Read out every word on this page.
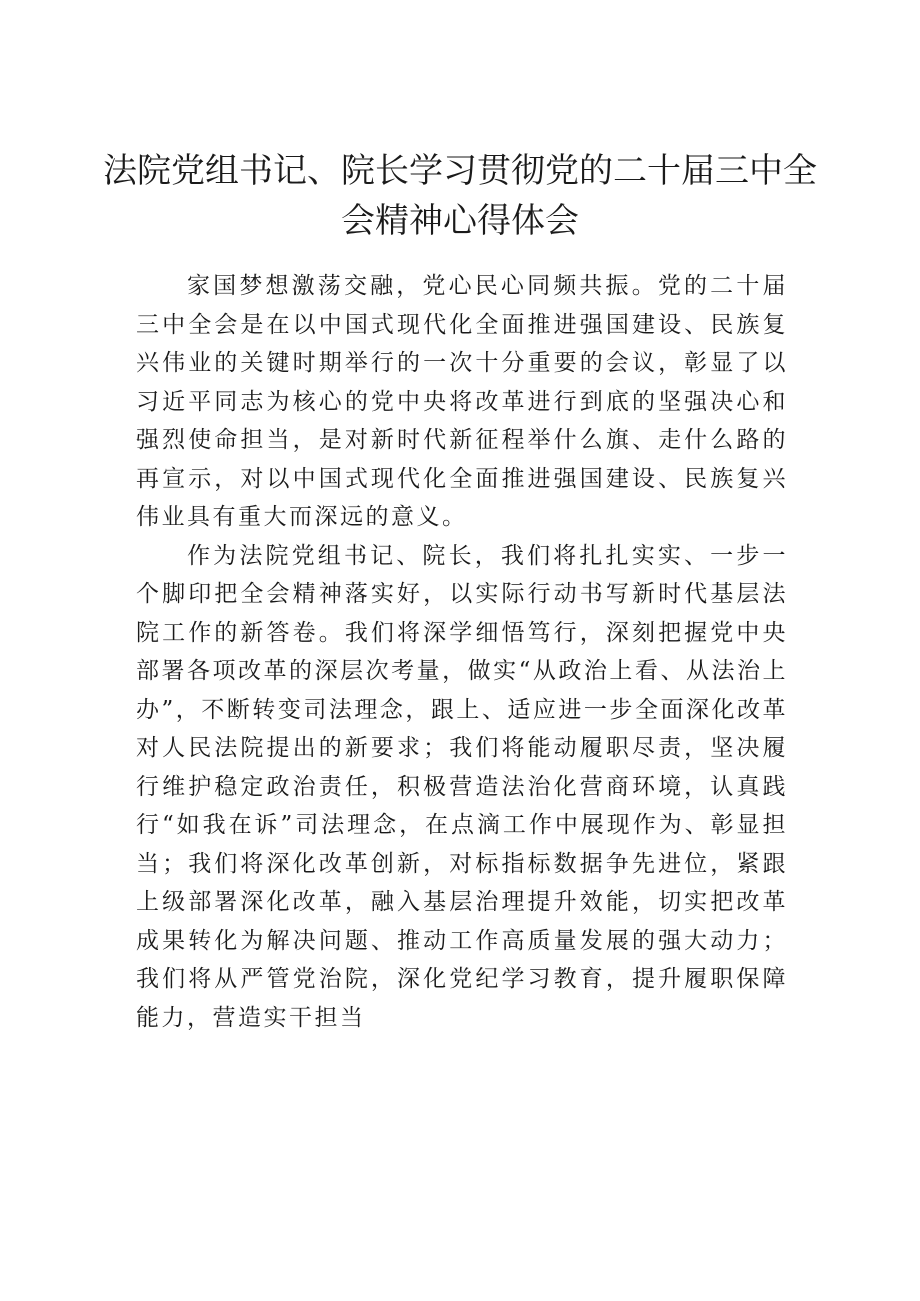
法院党组书记、院长学习贯彻党的二十届三中全
会精神心得体会

家国梦想激荡交融，党心民心同频共振。党的二十届三中全会是在以中国式现代化全面推进强国建设、民族复兴伟业的关键时期举行的一次十分重要的会议，彰显了以习近平同志为核心的党中央将改革进行到底的坚强决心和强烈使命担当，是对新时代新征程举什么旗、走什么路的再宣示，对以中国式现代化全面推进强国建设、民族复兴伟业具有重大而深远的意义。

作为法院党组书记、院长，我们将扎扎实实、一步一个脚印把全会精神落实好，以实际行动书写新时代基层法院工作的新答卷。我们将深学细悟笃行，深刻把握党中央部署各项改革的深层次考量，做实“从政治上看、从法治上办”，不断转变司法理念，跟上、适应进一步全面深化改革对人民法院提出的新要求；我们将能动履职尽责，坚决履行维护稳定政治责任，积极营造法治化营商环境，认真践行“如我在诉”司法理念，在点滴工作中展现作为、彰显担当；我们将深化改革创新，对标指标数据争先进位，紧跟上级部署深化改革，融入基层治理提升效能，切实把改革成果转化为解决问题、推动工作高质量发展的强大动力；我们将从严管党治院，深化党纪学习教育，提升履职保障能力，营造实干担当
